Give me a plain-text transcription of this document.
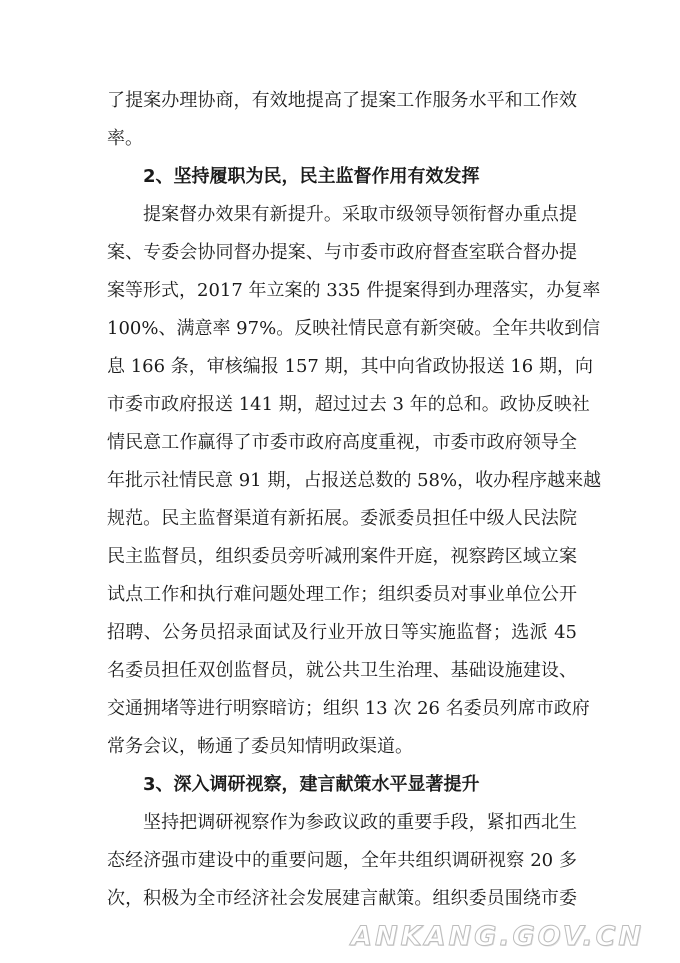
了提案办理协商，有效地提高了提案工作服务水平和工作效
率。
2、坚持履职为民，民主监督作用有效发挥
提案督办效果有新提升。采取市级领导领衔督办重点提
案、专委会协同督办提案、与市委市政府督查室联合督办提
案等形式，2017 年立案的 335 件提案得到办理落实，办复率
100%、满意率 97%。反映社情民意有新突破。全年共收到信
息 166 条，审核编报 157 期，其中向省政协报送 16 期，向
市委市政府报送 141 期，超过过去 3 年的总和。政协反映社
情民意工作赢得了市委市政府高度重视，市委市政府领导全
年批示社情民意 91 期，占报送总数的 58%，收办程序越来越
规范。民主监督渠道有新拓展。委派委员担任中级人民法院
民主监督员，组织委员旁听减刑案件开庭，视察跨区域立案
试点工作和执行难问题处理工作；组织委员对事业单位公开
招聘、公务员招录面试及行业开放日等实施监督；选派 45
名委员担任双创监督员，就公共卫生治理、基础设施建设、
交通拥堵等进行明察暗访；组织 13 次 26 名委员列席市政府
常务会议，畅通了委员知情明政渠道。
3、深入调研视察，建言献策水平显著提升
坚持把调研视察作为参政议政的重要手段，紧扣西北生
态经济强市建设中的重要问题，全年共组织调研视察 20 多
次，积极为全市经济社会发展建言献策。组织委员围绕市委
ANKANG.GOV.CN
